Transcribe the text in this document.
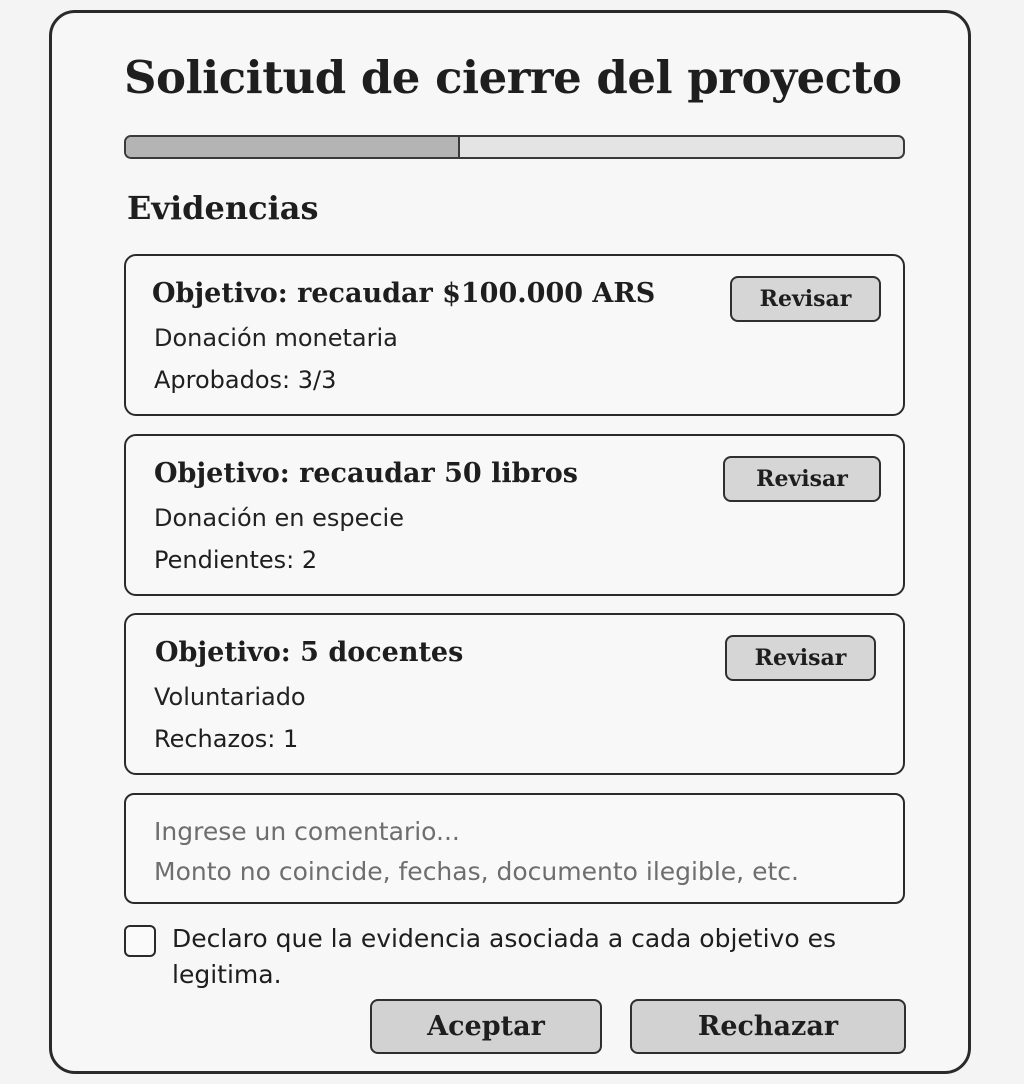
Solicitud de cierre del proyecto
Evidencias
Objetivo: recaudar $100.000 ARS
Donación monetaria
Aprobados: 3/3
Revisar
Objetivo: recaudar 50 libros
Donación en especie
Pendientes: 2
Revisar
Objetivo: 5 docentes
Voluntariado
Rechazos: 1
Revisar
Ingrese un comentario...
Monto no coincide, fechas, documento ilegible, etc.
Declaro que la evidencia asociada a cada objetivo es legitima.
Aceptar	Rechazar
